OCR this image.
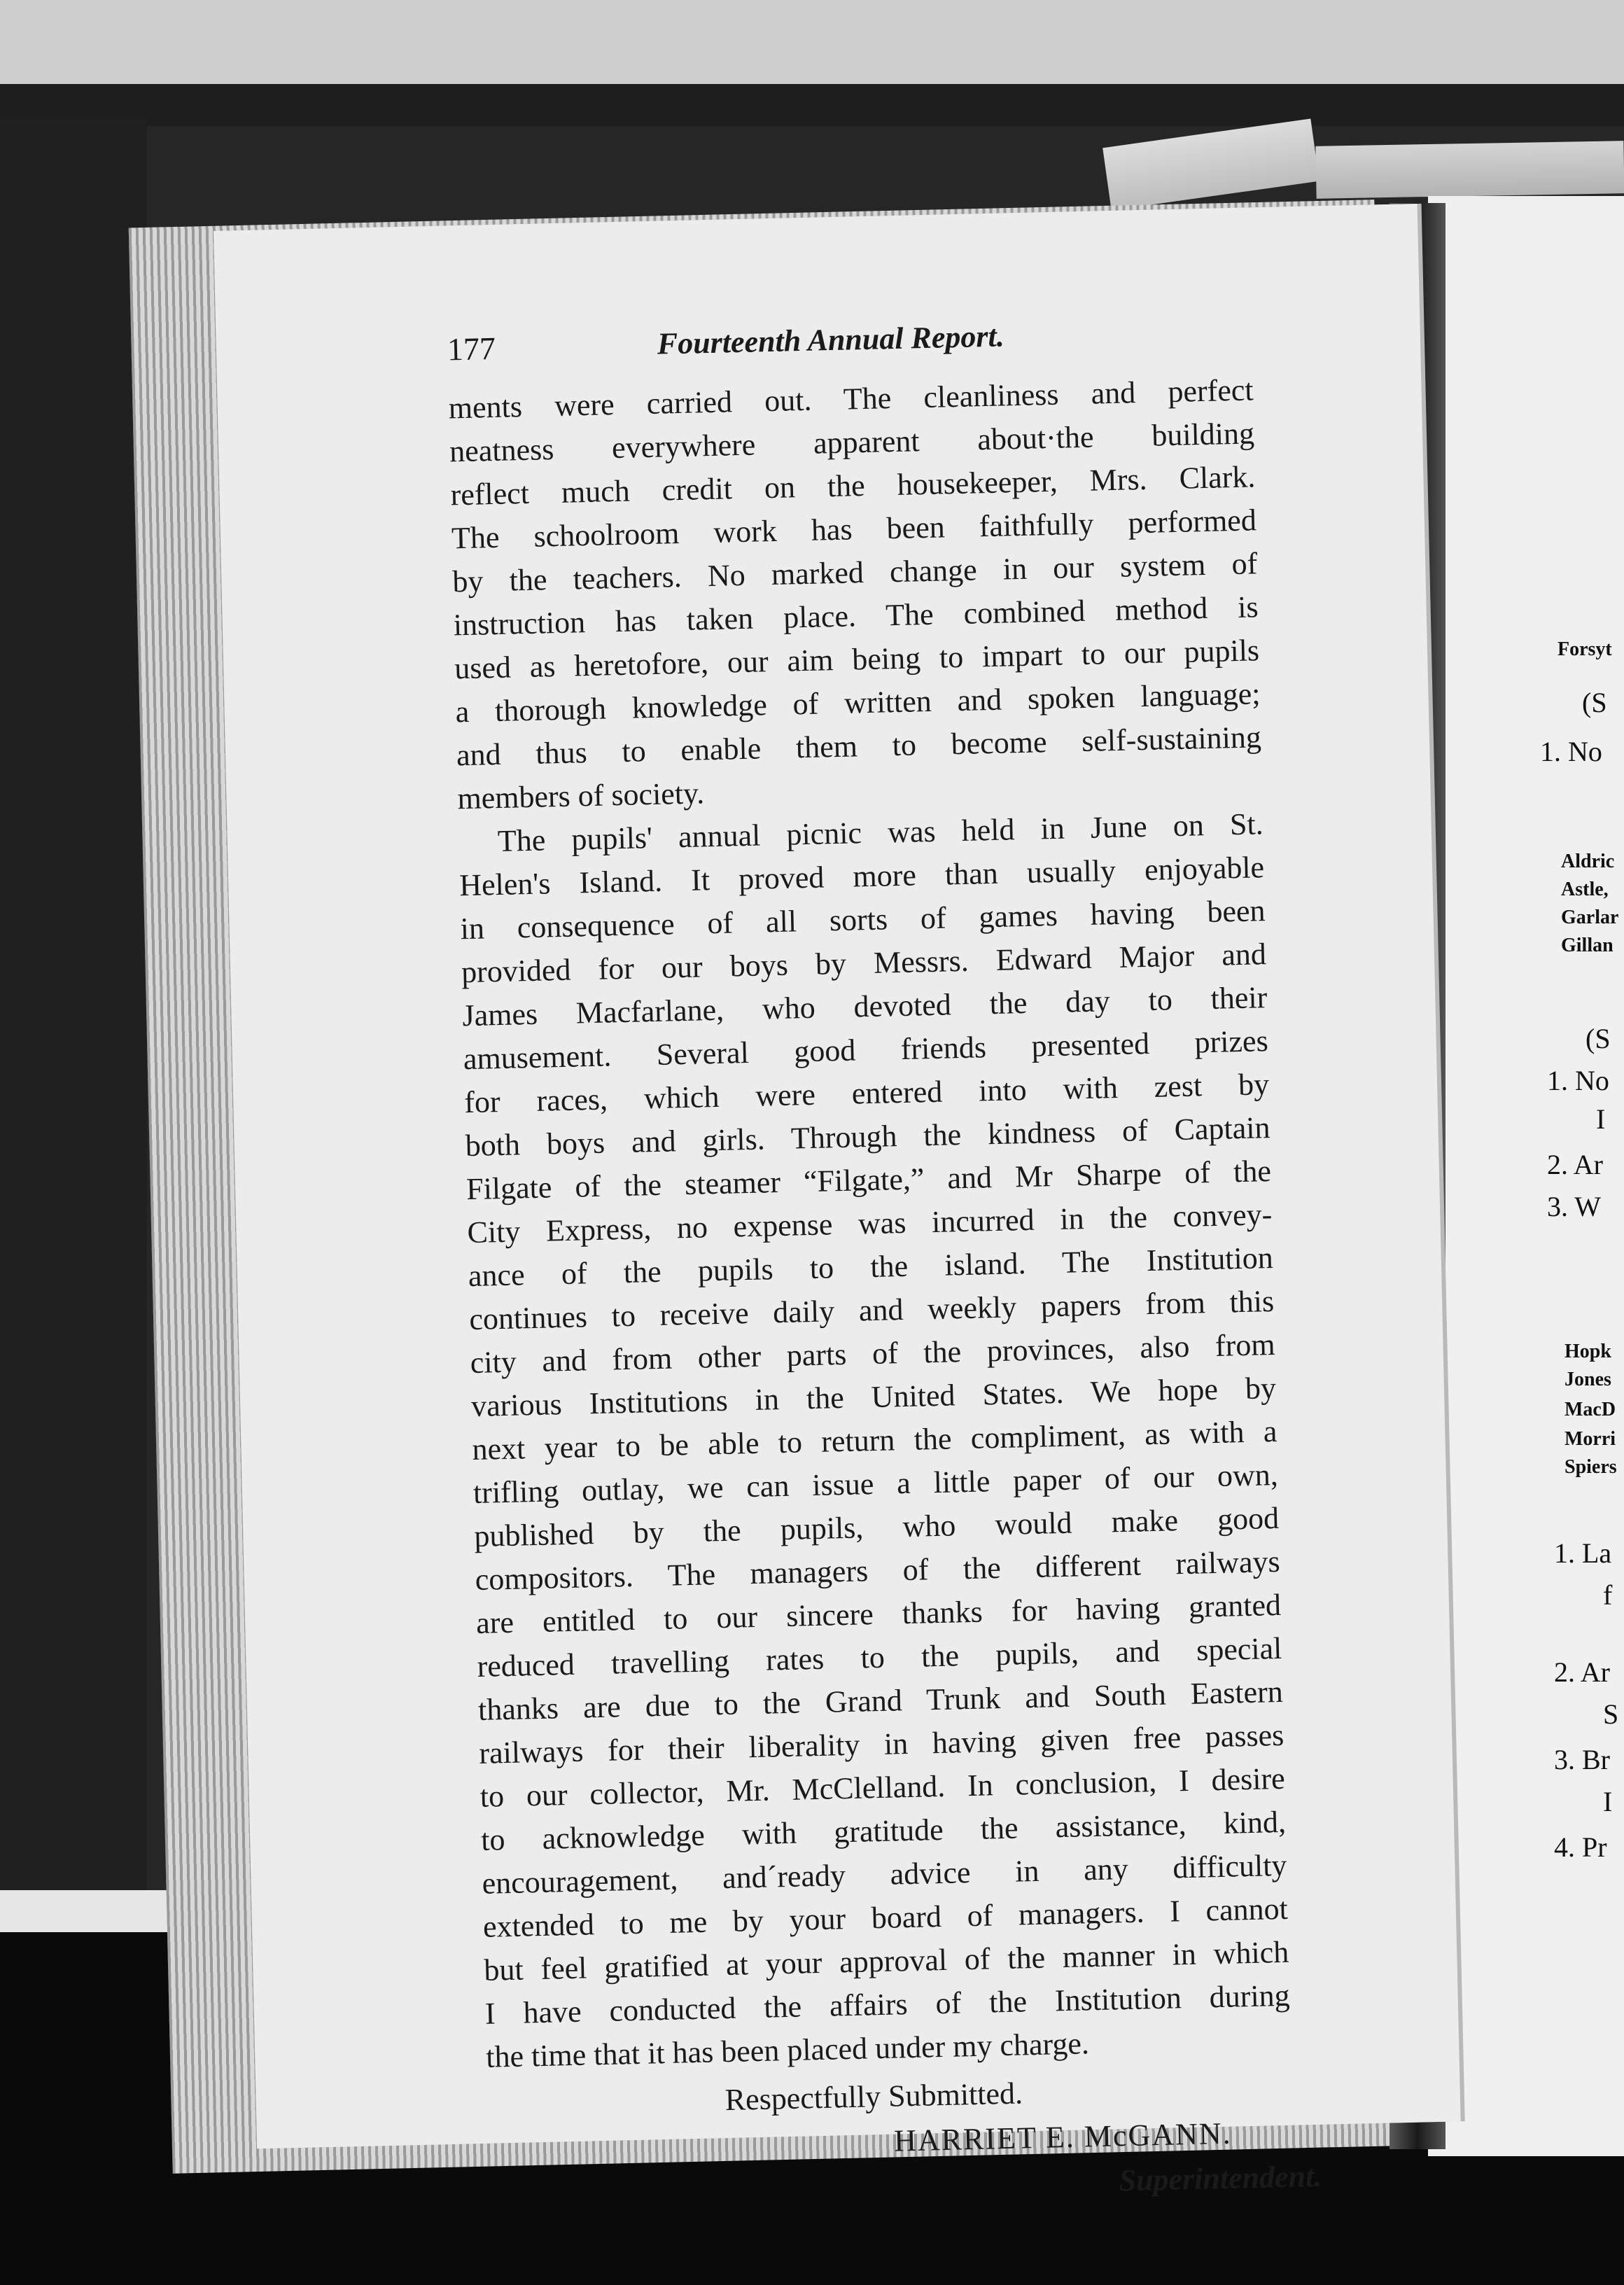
Forsyt
(S
1. No
Aldric
Astle,
Garlar
Gillan
(S
1. No
I
2. Ar
3. W
Hopk
Jones
MacD
Morri
Spiers
1. La
f
2. Ar
S
3. Br
I
4. Pr
177	Fourteenth Annual Report.
ments were carried out. The cleanliness and perfect
neatness everywhere apparent about·the building
reflect much credit on the housekeeper, Mrs. Clark.
The schoolroom work has been faithfully performed
by the teachers. No marked change in our system of
instruction has taken place. The combined method is
used as heretofore, our aim being to impart to our pupils
a thorough knowledge of written and spoken language;
and thus to enable them to become self-sustaining
members of society.
The pupils' annual picnic was held in June on St.
Helen's Island. It proved more than usually enjoyable
in consequence of all sorts of games having been
provided for our boys by Messrs. Edward Major and
James Macfarlane, who devoted the day to their
amusement. Several good friends presented prizes
for races, which were entered into with zest by
both boys and girls. Through the kindness of Captain
Filgate of the steamer “Filgate,” and Mr Sharpe of the
City Express, no expense was incurred in the convey-
ance of the pupils to the island. The Institution
continues to receive daily and weekly papers from this
city and from other parts of the provinces, also from
various Institutions in the United States. We hope by
next year to be able to return the compliment, as with a
trifling outlay, we can issue a little paper of our own,
published by the pupils, who would make good
compositors. The managers of the different railways
are entitled to our sincere thanks for having granted
reduced travelling rates to the pupils, and special
thanks are due to the Grand Trunk and South Eastern
railways for their liberality in having given free passes
to our collector, Mr. McClelland. In conclusion, I desire
to acknowledge with gratitude the assistance, kind,
encouragement, and´ready advice in any difficulty
extended to me by your board of managers. I cannot
but feel gratified at your approval of the manner in which
I have conducted the affairs of the Institution during
the time that it has been placed under my charge.
Respectfully Submitted.
HARRIET E. McGANN.
Superintendent.
